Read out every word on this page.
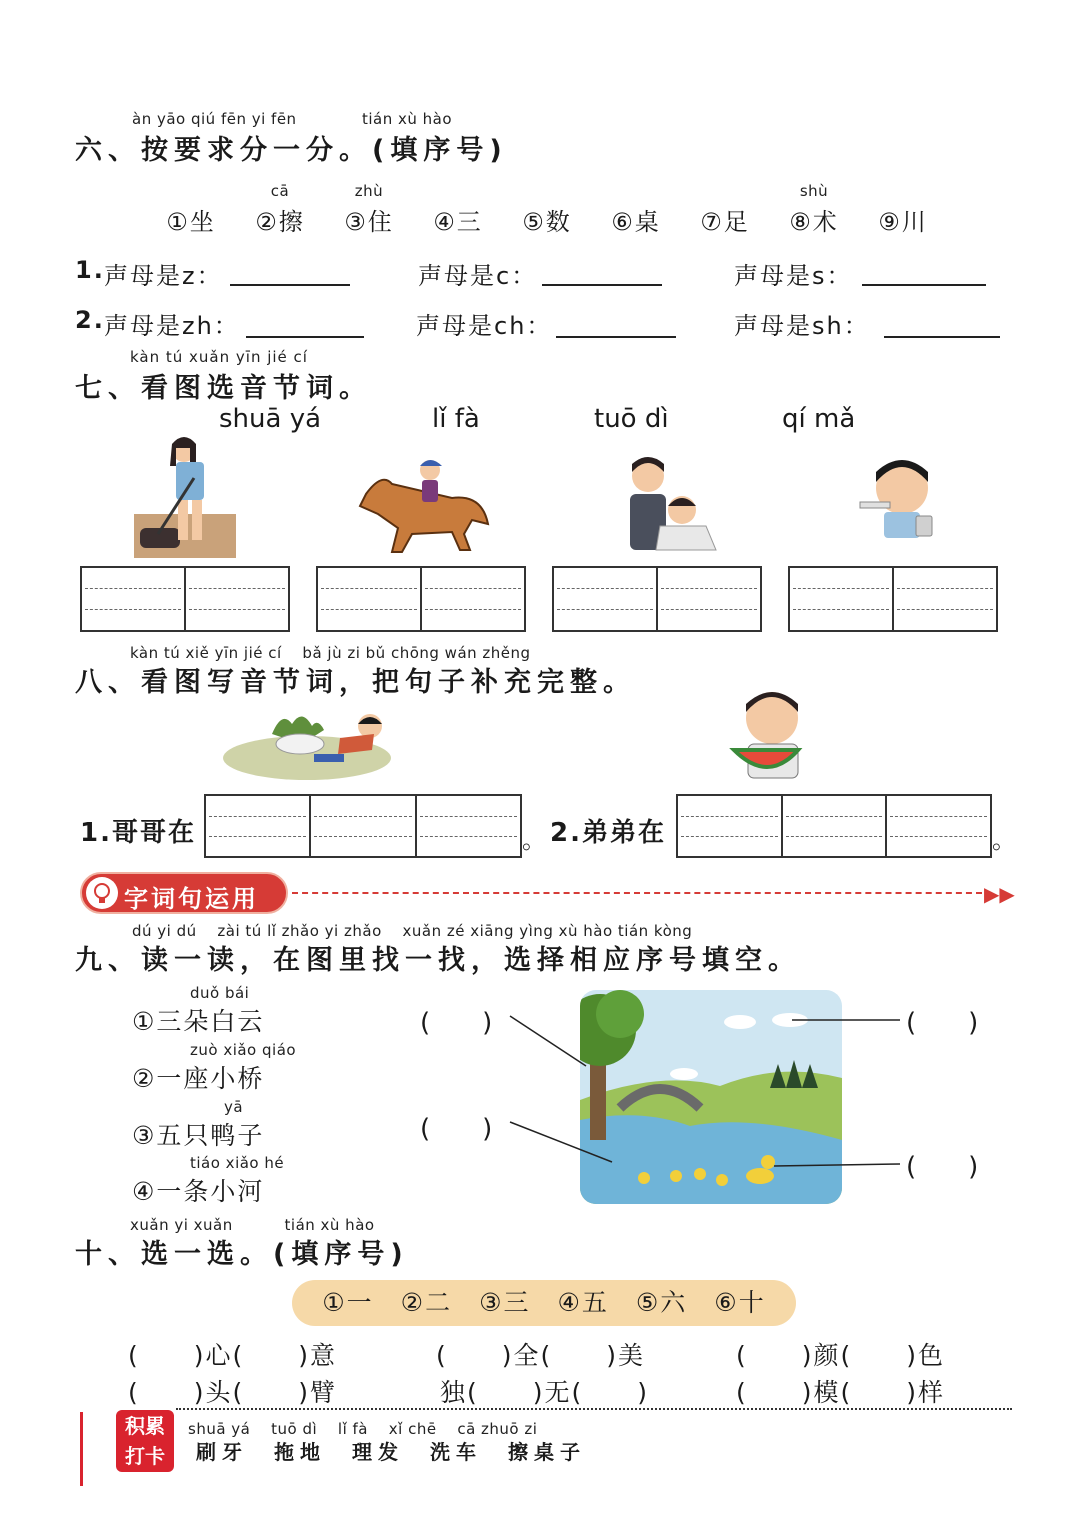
àn yāo qiú fēn yi fēn	tián xù hào
六、按要求分一分。(填序号)
①坐
cā
②擦
zhù
③住	④三	⑤数	⑥桌	⑦足
shù
⑧术	⑨川
1. 声母是z：	声母是c：	声母是s：
2. 声母是zh：	声母是ch：	声母是sh：
kàn tú xuǎn yīn jié cí
七、看图选音节词。
shuā yá	lǐ fà	tuō dì	qí mǎ
kàn tú xiě yīn jié cí　 bǎ jù zi bǔ chōng wán zhěng
八、看图写音节词，把句子补充完整。
1.哥哥在	。 2.弟弟在	。
字词句运用	▶▶
dú yi dú　 zài tú lǐ zhǎo yi zhǎo　 xuǎn zé xiāng yìng xù hào tián kòng
九、读一读，在图里找一找，选择相应序号填空。
duǒ bái
①三朵白云
zuò xiǎo qiáo
②一座小桥
yā
③五只鸭子
tiáo xiǎo hé
④一条小河
(　　)
(　　)
(　　)
(　　)
xuǎn yi xuǎn　　　 tián xù hào
十、选一选。(填序号)
①一　②二　③三　④五　⑤六　⑥十
(　　)心(　　)意	(　　)全(　　)美	(　　)颜(　　)色
(　　)头(　　)臂	独(　　)无(　　)	(　　)模(　　)样
积累打卡
shuā yá　 tuō dì　 lǐ fà　 xǐ chē　 cā zhuō zi
刷牙　拖地　理发　洗车　擦桌子
